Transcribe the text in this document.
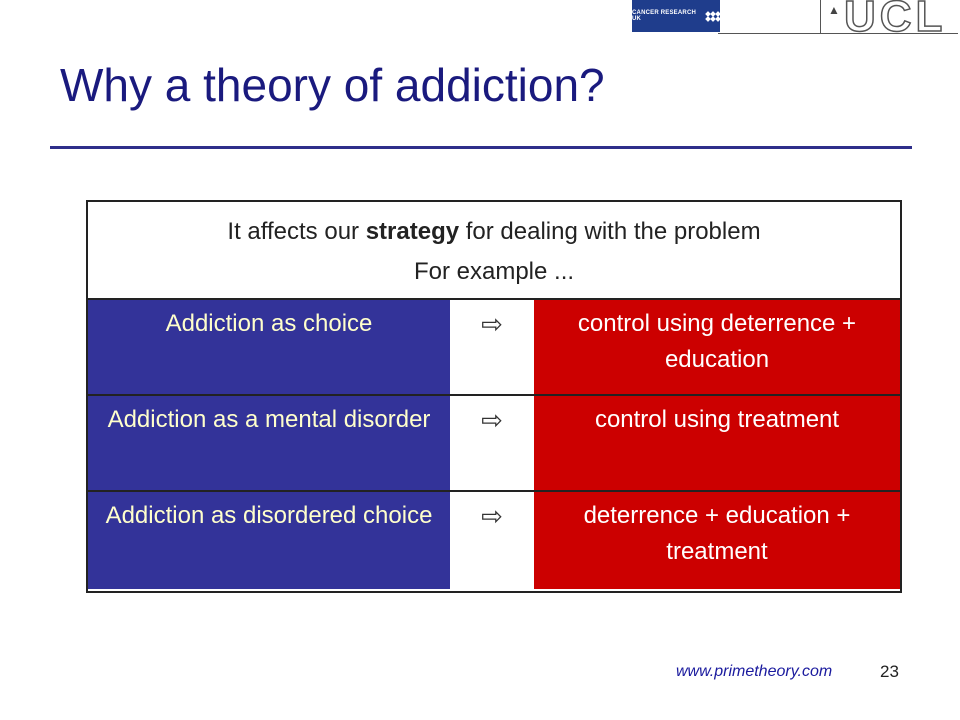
CANCER RESEARCH UK
▲ UCL
Why a theory of addiction?
It affects our strategy for dealing with the problem
For example ...
Addiction as choice	⇨	control using deterrence + education
Addiction as a mental disorder	⇨	control using treatment
Addiction as disordered choice	⇨	deterrence + education + treatment
www.primetheory.com	23
